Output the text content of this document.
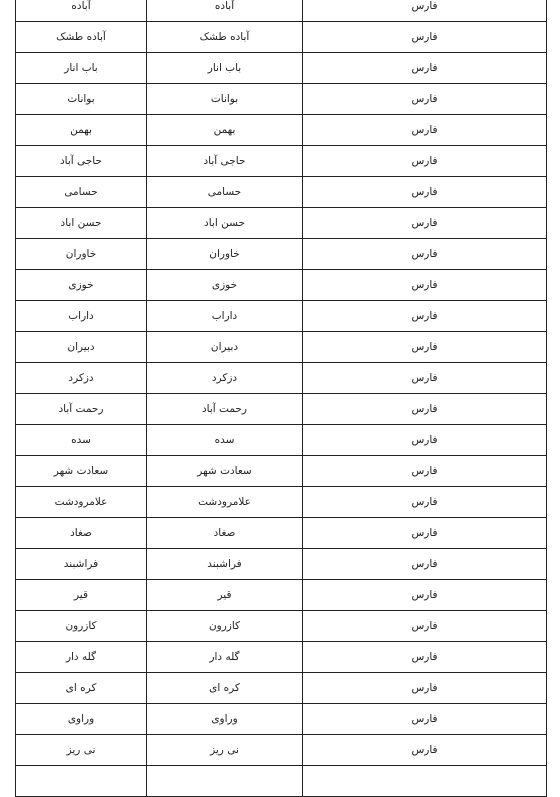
فارس	آباده	آباده
فارس	آباده طشک	آباده طشک
فارس	باب انار	باب انار
فارس	بوانات	بوانات
فارس	بهمن	بهمن
فارس	حاجی آباد	حاجی آباد
فارس	حسامی	حسامی
فارس	حسن اباد	حسن اباد
فارس	خاوران	خاوران
فارس	خوزی	خوزی
فارس	داراب	داراب
فارس	دبیران	دبیران
فارس	دزکرد	دزکرد
فارس	رحمت آباد	رحمت آباد
فارس	سده	سده
فارس	سعادت شهر	سعادت شهر
فارس	علامرودشت	علامرودشت
فارس	صغاد	صغاد
فارس	فراشبند	فراشبند
فارس	قیر	قیر
فارس	کازرون	کازرون
فارس	گله دار	گله دار
فارس	کره ای	کره ای
فارس	وراوی	وراوی
فارس	نی ریز	نی ریز
